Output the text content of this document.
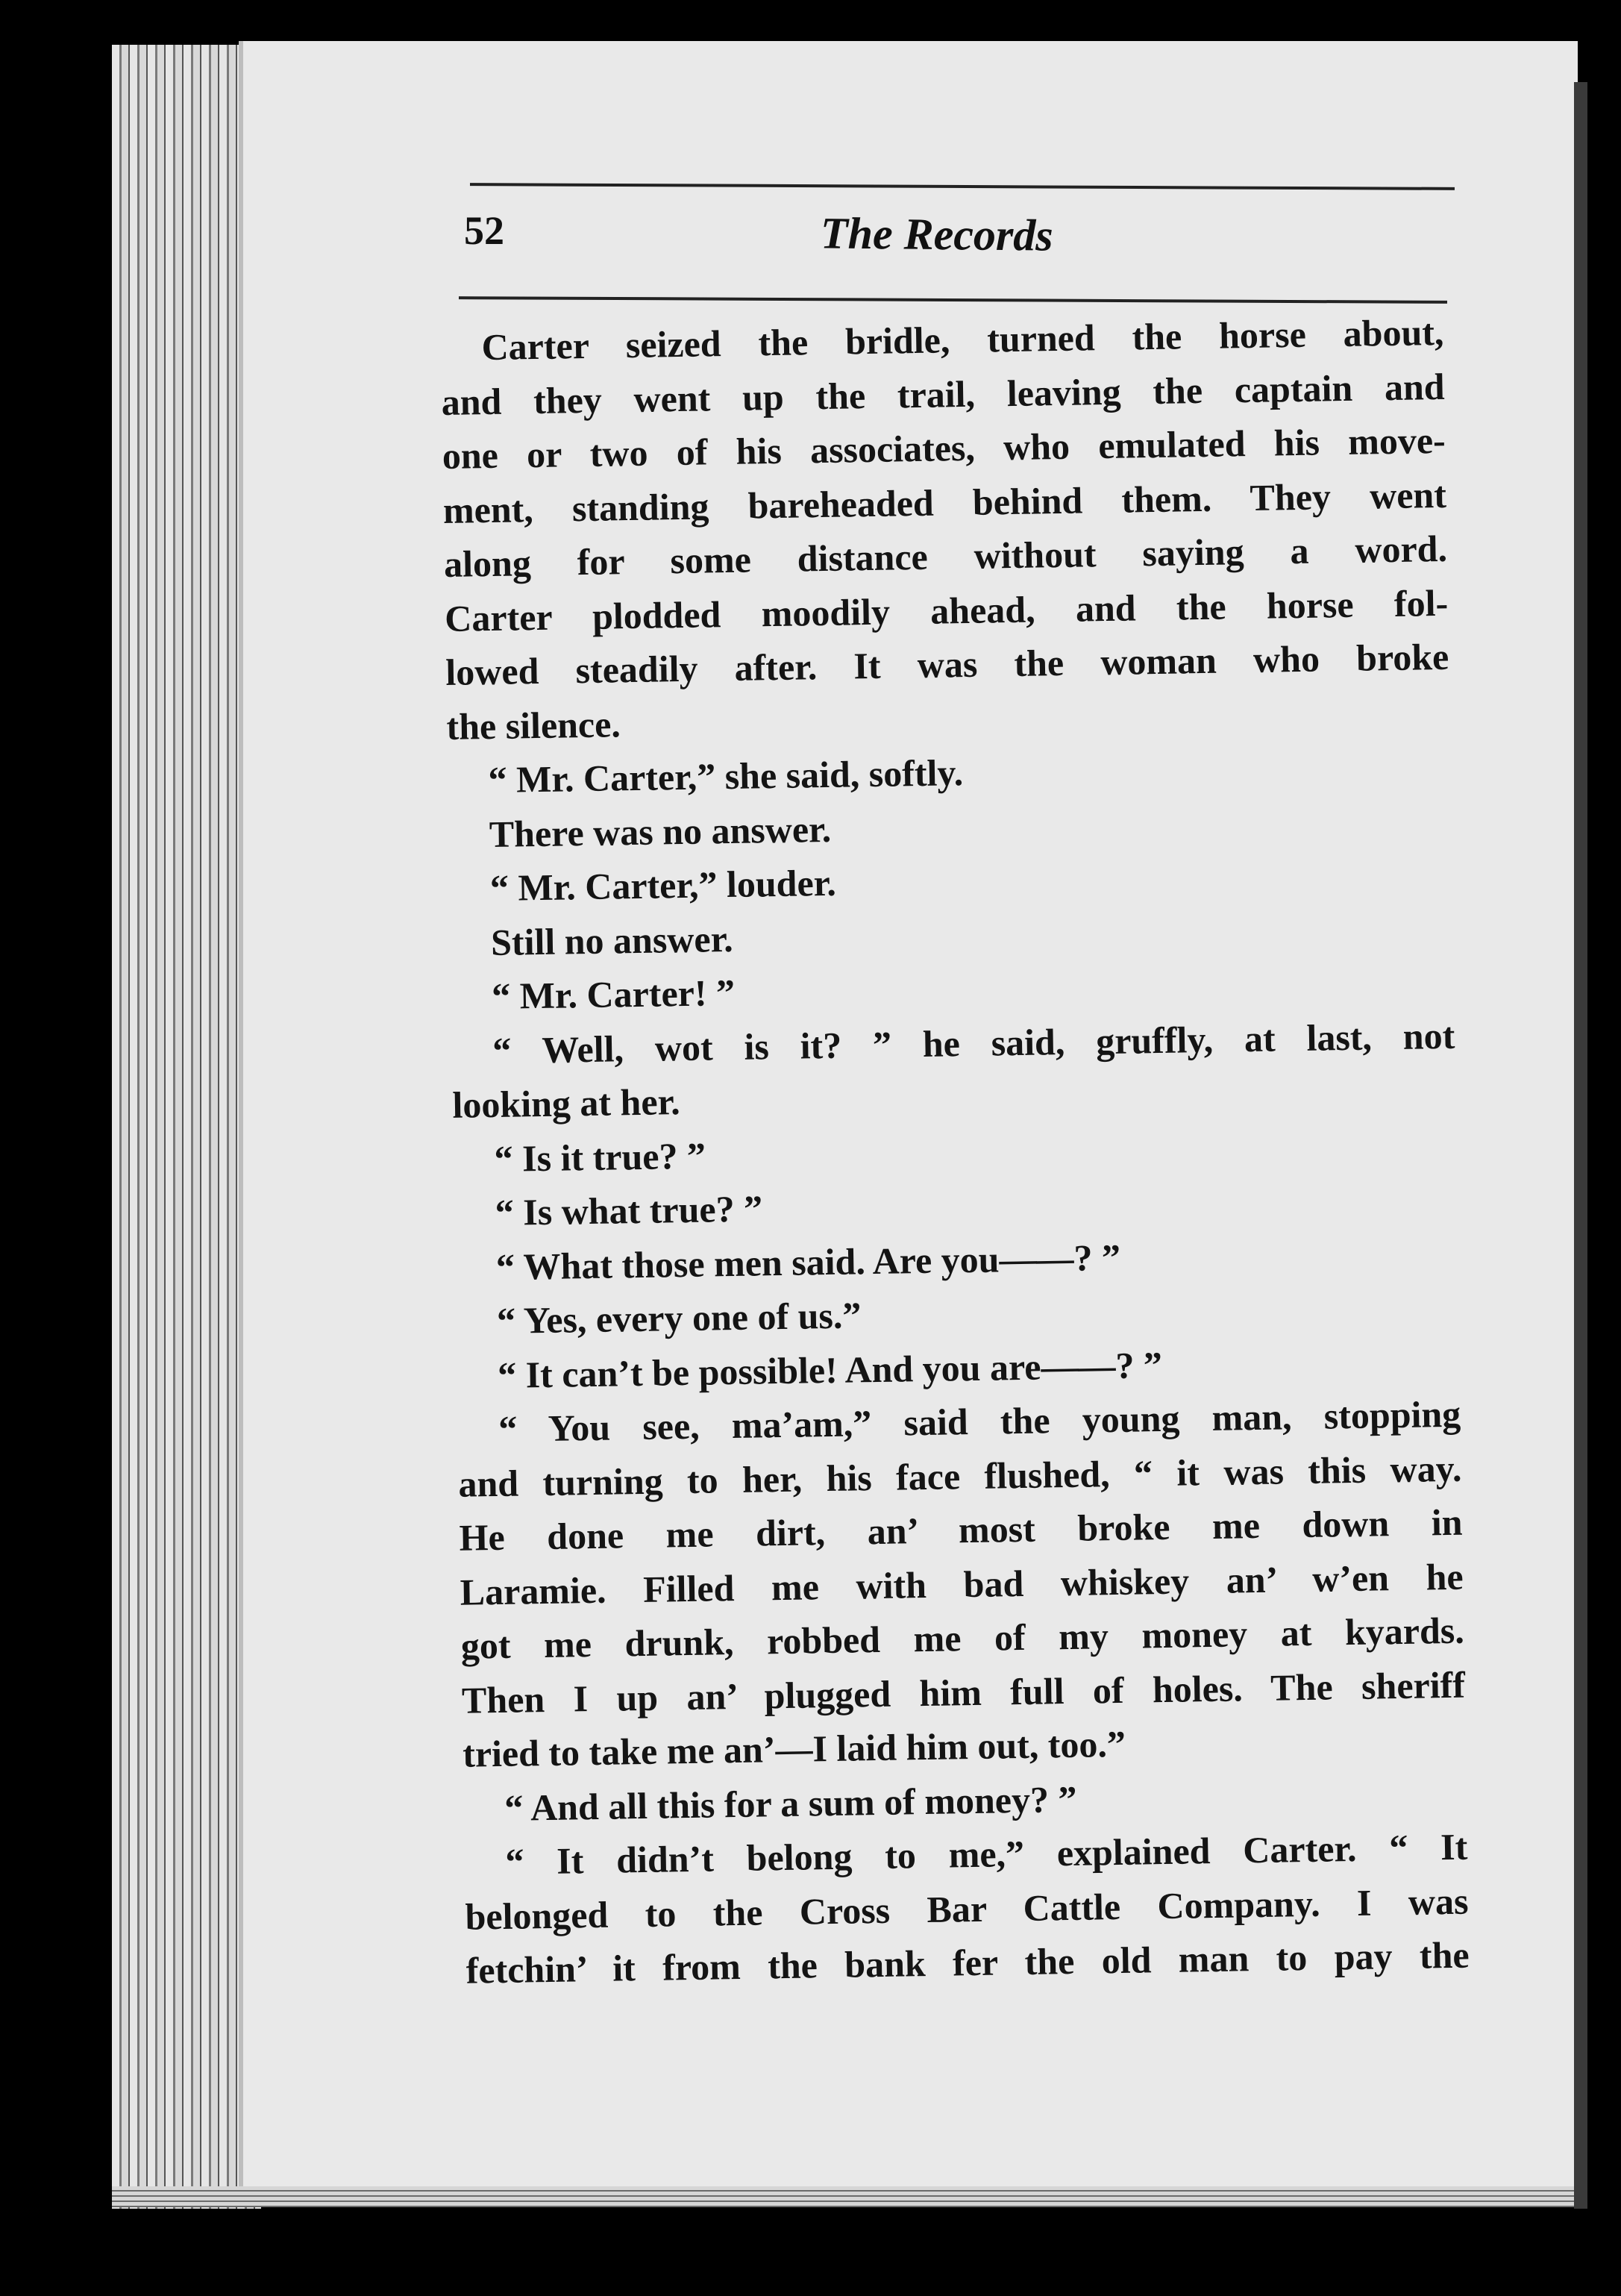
52	The Records
Carter seized the bridle, turned the horse about,
and they went up the trail, leaving the captain and
one or two of his associates, who emulated his move-
ment, standing bareheaded behind them. They went
along for some distance without saying a word.
Carter plodded moodily ahead, and the horse fol-
lowed steadily after. It was the woman who broke
the silence.
“ Mr. Carter,” she said, softly.
There was no answer.
“ Mr. Carter,” louder.
Still no answer.
“ Mr. Carter! ”
“ Well, wot is it? ” he said, gruffly, at last, not
looking at her.
“ Is it true? ”
“ Is what true? ”
“ What those men said. Are you——? ”
“ Yes, every one of us.”
“ It can’t be possible! And you are——? ”
“ You see, ma’am,” said the young man, stopping
and turning to her, his face flushed, “ it was this way.
He done me dirt, an’ most broke me down in
Laramie. Filled me with bad whiskey an’ w’en he
got me drunk, robbed me of my money at kyards.
Then I up an’ plugged him full of holes. The sheriff
tried to take me an’—I laid him out, too.”
“ And all this for a sum of money? ”
“ It didn’t belong to me,” explained Carter. “ It
belonged to the Cross Bar Cattle Company. I was
fetchin’ it from the bank fer the old man to pay the
